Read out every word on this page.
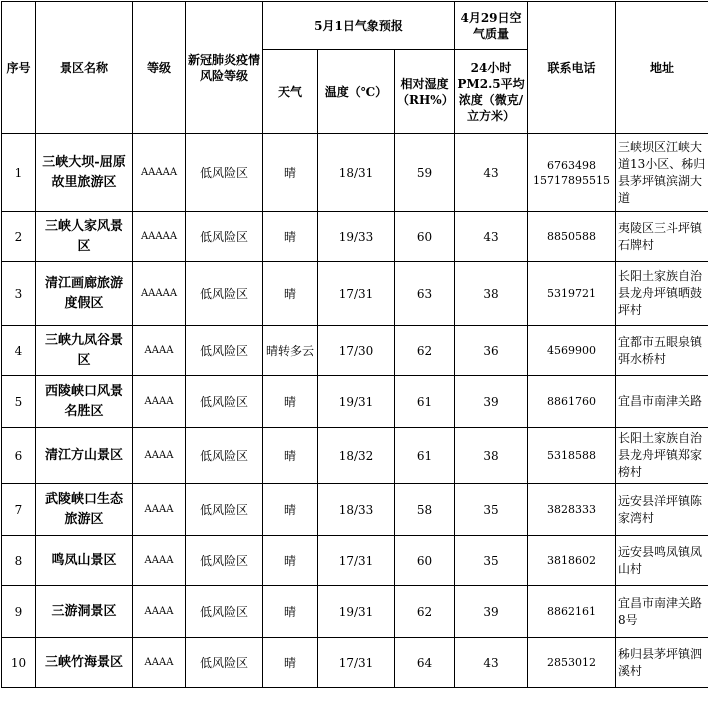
序号	景区名称	等级	新冠肺炎疫情风险等级	5月1日气象预报			4月29日空气质量	联系电话	地址
				天气	温度（℃）	相对湿度（RH%）	24小时PM2.5平均浓度（微克/立方米）		
1	三峡大坝-屈原故里旅游区	AAAAA	低风险区	晴	18/31	59	43	6763498 15717895515	三峡坝区江峡大道13小区、秭归县茅坪镇滨湖大道
2	三峡人家风景区	AAAAA	低风险区	晴	19/33	60	43	8850588	夷陵区三斗坪镇石牌村
3	清江画廊旅游度假区	AAAAA	低风险区	晴	17/31	63	38	5319721	长阳土家族自治县龙舟坪镇晒鼓坪村
4	三峡九凤谷景区	AAAA	低风险区	晴转多云	17/30	62	36	4569900	宜都市五眼泉镇弭水桥村
5	西陵峡口风景名胜区	AAAA	低风险区	晴	19/31	61	39	8861760	宜昌市南津关路
6	清江方山景区	AAAA	低风险区	晴	18/32	61	38	5318588	长阳土家族自治县龙舟坪镇郑家榜村
7	武陵峡口生态旅游区	AAAA	低风险区	晴	18/33	58	35	3828333	远安县洋坪镇陈家湾村
8	鸣凤山景区	AAAA	低风险区	晴	17/31	60	35	3818602	远安县鸣凤镇凤山村
9	三游洞景区	AAAA	低风险区	晴	19/31	62	39	8862161	宜昌市南津关路8号
10	三峡竹海景区	AAAA	低风险区	晴	17/31	64	43	2853012	秭归县茅坪镇泗溪村
